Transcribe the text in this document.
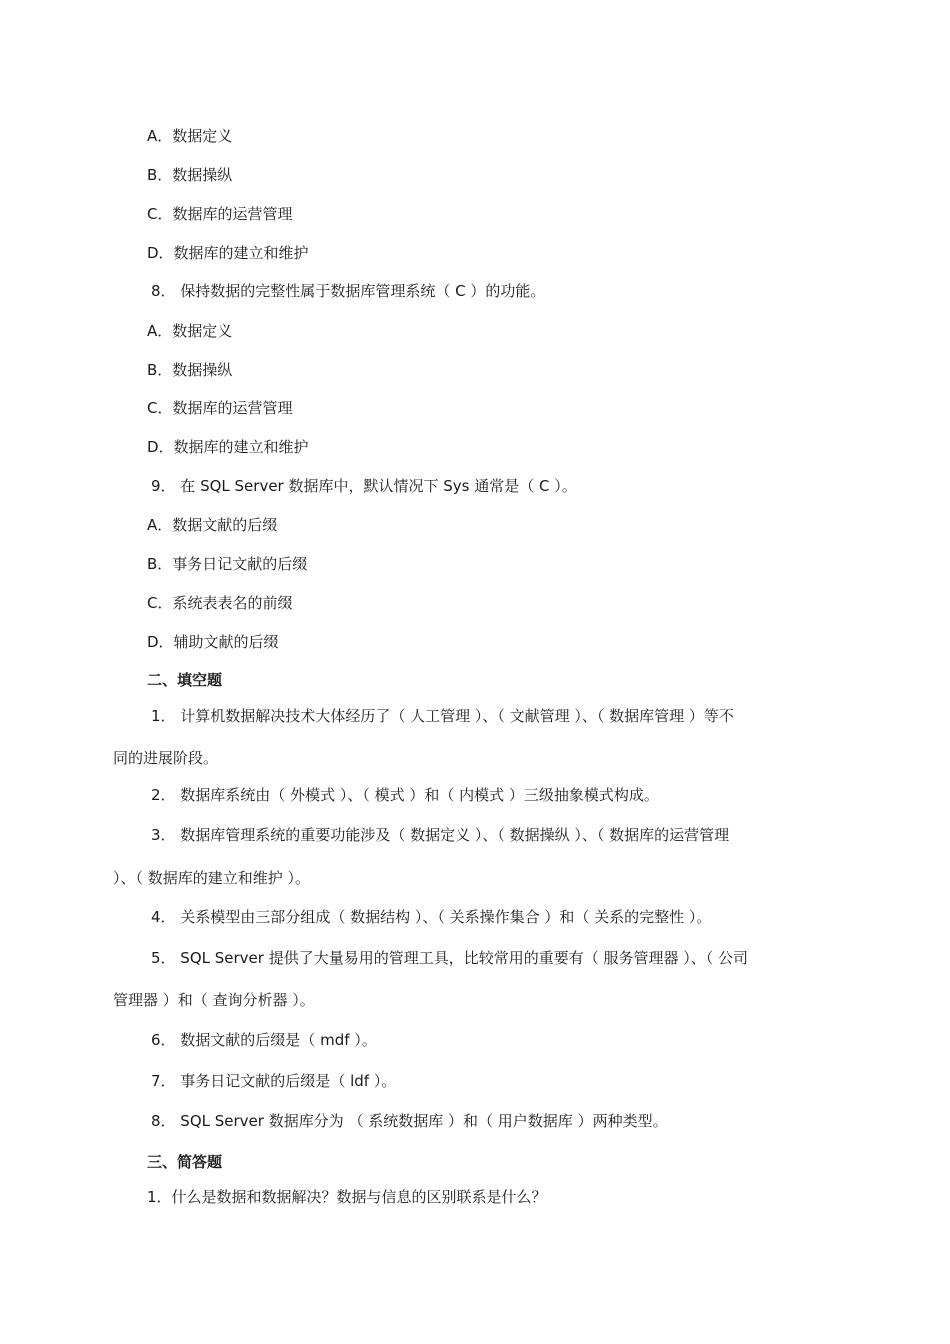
A．数据定义
B．数据操纵
C．数据库的运营管理
D．数据库的建立和维护
8． 保持数据的完整性属于数据库管理系统（ C ）的功能。
A．数据定义
B．数据操纵
C．数据库的运营管理
D．数据库的建立和维护
9． 在 SQL Server 数据库中，默认情况下 Sys 通常是（ C ）。
A．数据文献的后缀
B．事务日记文献的后缀
C．系统表表名的前缀
D．辅助文献的后缀
二、填空题
1． 计算机数据解决技术大体经历了（ 人工管理 ）、（ 文献管理 ）、（ 数据库管理 ）等不
同的进展阶段。
2． 数据库系统由（ 外模式 ）、（ 模式 ）和（ 内模式 ）三级抽象模式构成。
3． 数据库管理系统的重要功能涉及（ 数据定义 ）、（ 数据操纵 ）、（ 数据库的运营管理
）、（ 数据库的建立和维护 ）。
4． 关系模型由三部分组成（ 数据结构 ）、（ 关系操作集合 ）和（ 关系的完整性 ）。
5． SQL Server 提供了大量易用的管理工具，比较常用的重要有（ 服务管理器 ）、（ 公司
管理器 ）和（ 查询分析器 ）。
6． 数据文献的后缀是（ mdf ）。
7． 事务日记文献的后缀是（ ldf ）。
8． SQL Server 数据库分为 （ 系统数据库 ）和（ 用户数据库 ）两种类型。
三、简答题
1．什么是数据和数据解决？数据与信息的区别联系是什么？
